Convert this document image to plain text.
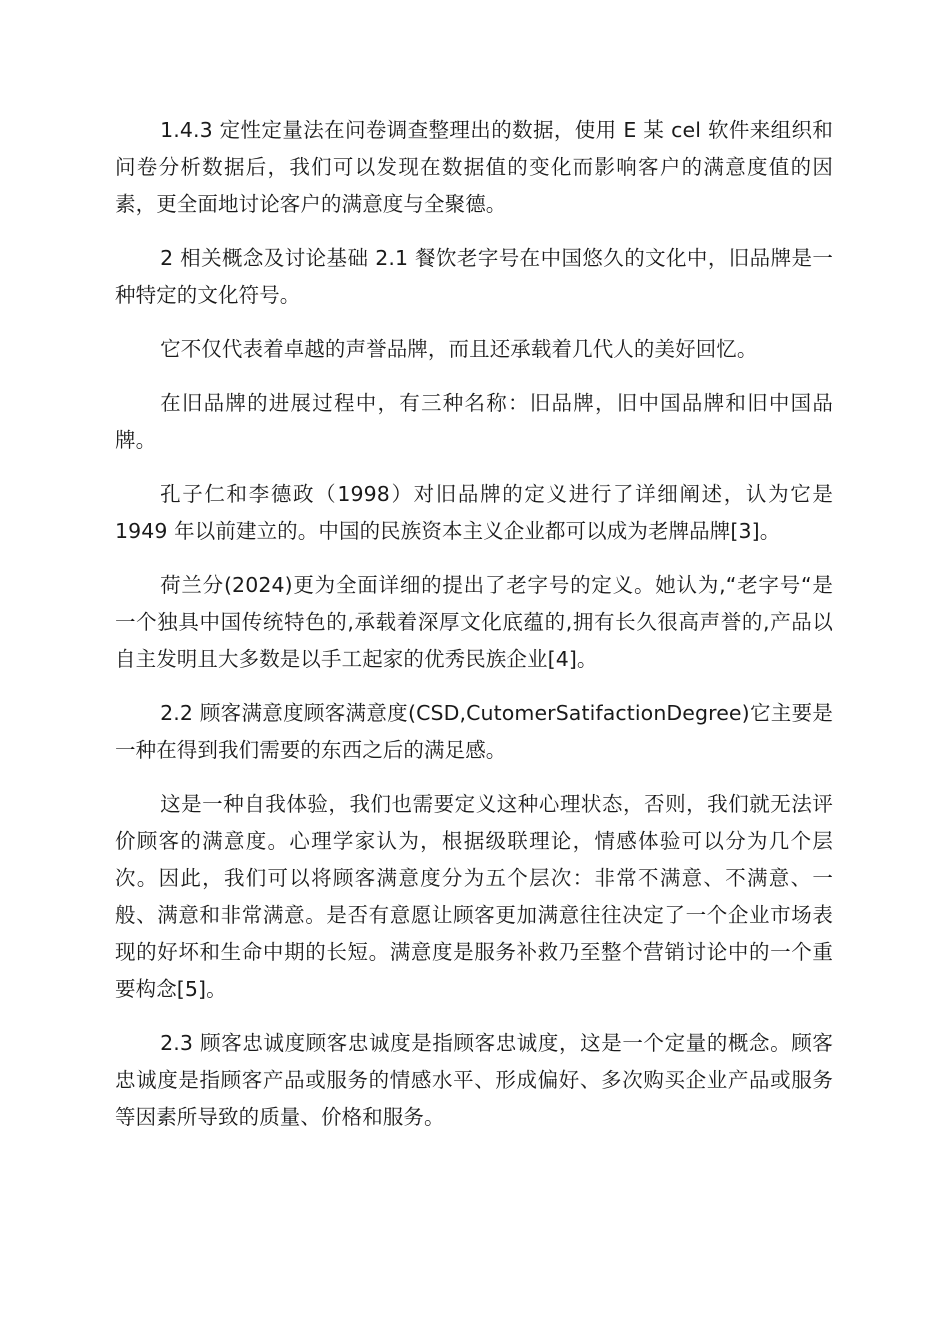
1.4.3 定性定量法在问卷调查整理出的数据，使用 E 某 cel 软件来组织和问卷分析数据后，我们可以发现在数据值的变化而影响客户的满意度值的因素，更全面地讨论客户的满意度与全聚德。

2 相关概念及讨论基础 2.1 餐饮老字号在中国悠久的文化中，旧品牌是一种特定的文化符号。

它不仅代表着卓越的声誉品牌，而且还承载着几代人的美好回忆。

在旧品牌的进展过程中，有三种名称：旧品牌，旧中国品牌和旧中国品牌。

孔子仁和李德政（1998）对旧品牌的定义进行了详细阐述，认为它是 1949 年以前建立的。中国的民族资本主义企业都可以成为老牌品牌[3]。

荷兰分(2024)更为全面详细的提出了老字号的定义。她认为,“老字号“是一个独具中国传统特色的,承载着深厚文化底蕴的,拥有长久很高声誉的,产品以自主发明且大多数是以手工起家的优秀民族企业[4]。

2.2 顾客满意度顾客满意度(CSD,CutomerSatifactionDegree)它主要是一种在得到我们需要的东西之后的满足感。

这是一种自我体验，我们也需要定义这种心理状态，否则，我们就无法评价顾客的满意度。心理学家认为，根据级联理论，情感体验可以分为几个层次。因此，我们可以将顾客满意度分为五个层次：非常不满意、不满意、一般、满意和非常满意。是否有意愿让顾客更加满意往往决定了一个企业市场表现的好坏和生命中期的长短。满意度是服务补救乃至整个营销讨论中的一个重要构念[5]。

2.3 顾客忠诚度顾客忠诚度是指顾客忠诚度，这是一个定量的概念。顾客忠诚度是指顾客产品或服务的情感水平、形成偏好、多次购买企业产品或服务等因素所导致的质量、价格和服务。
